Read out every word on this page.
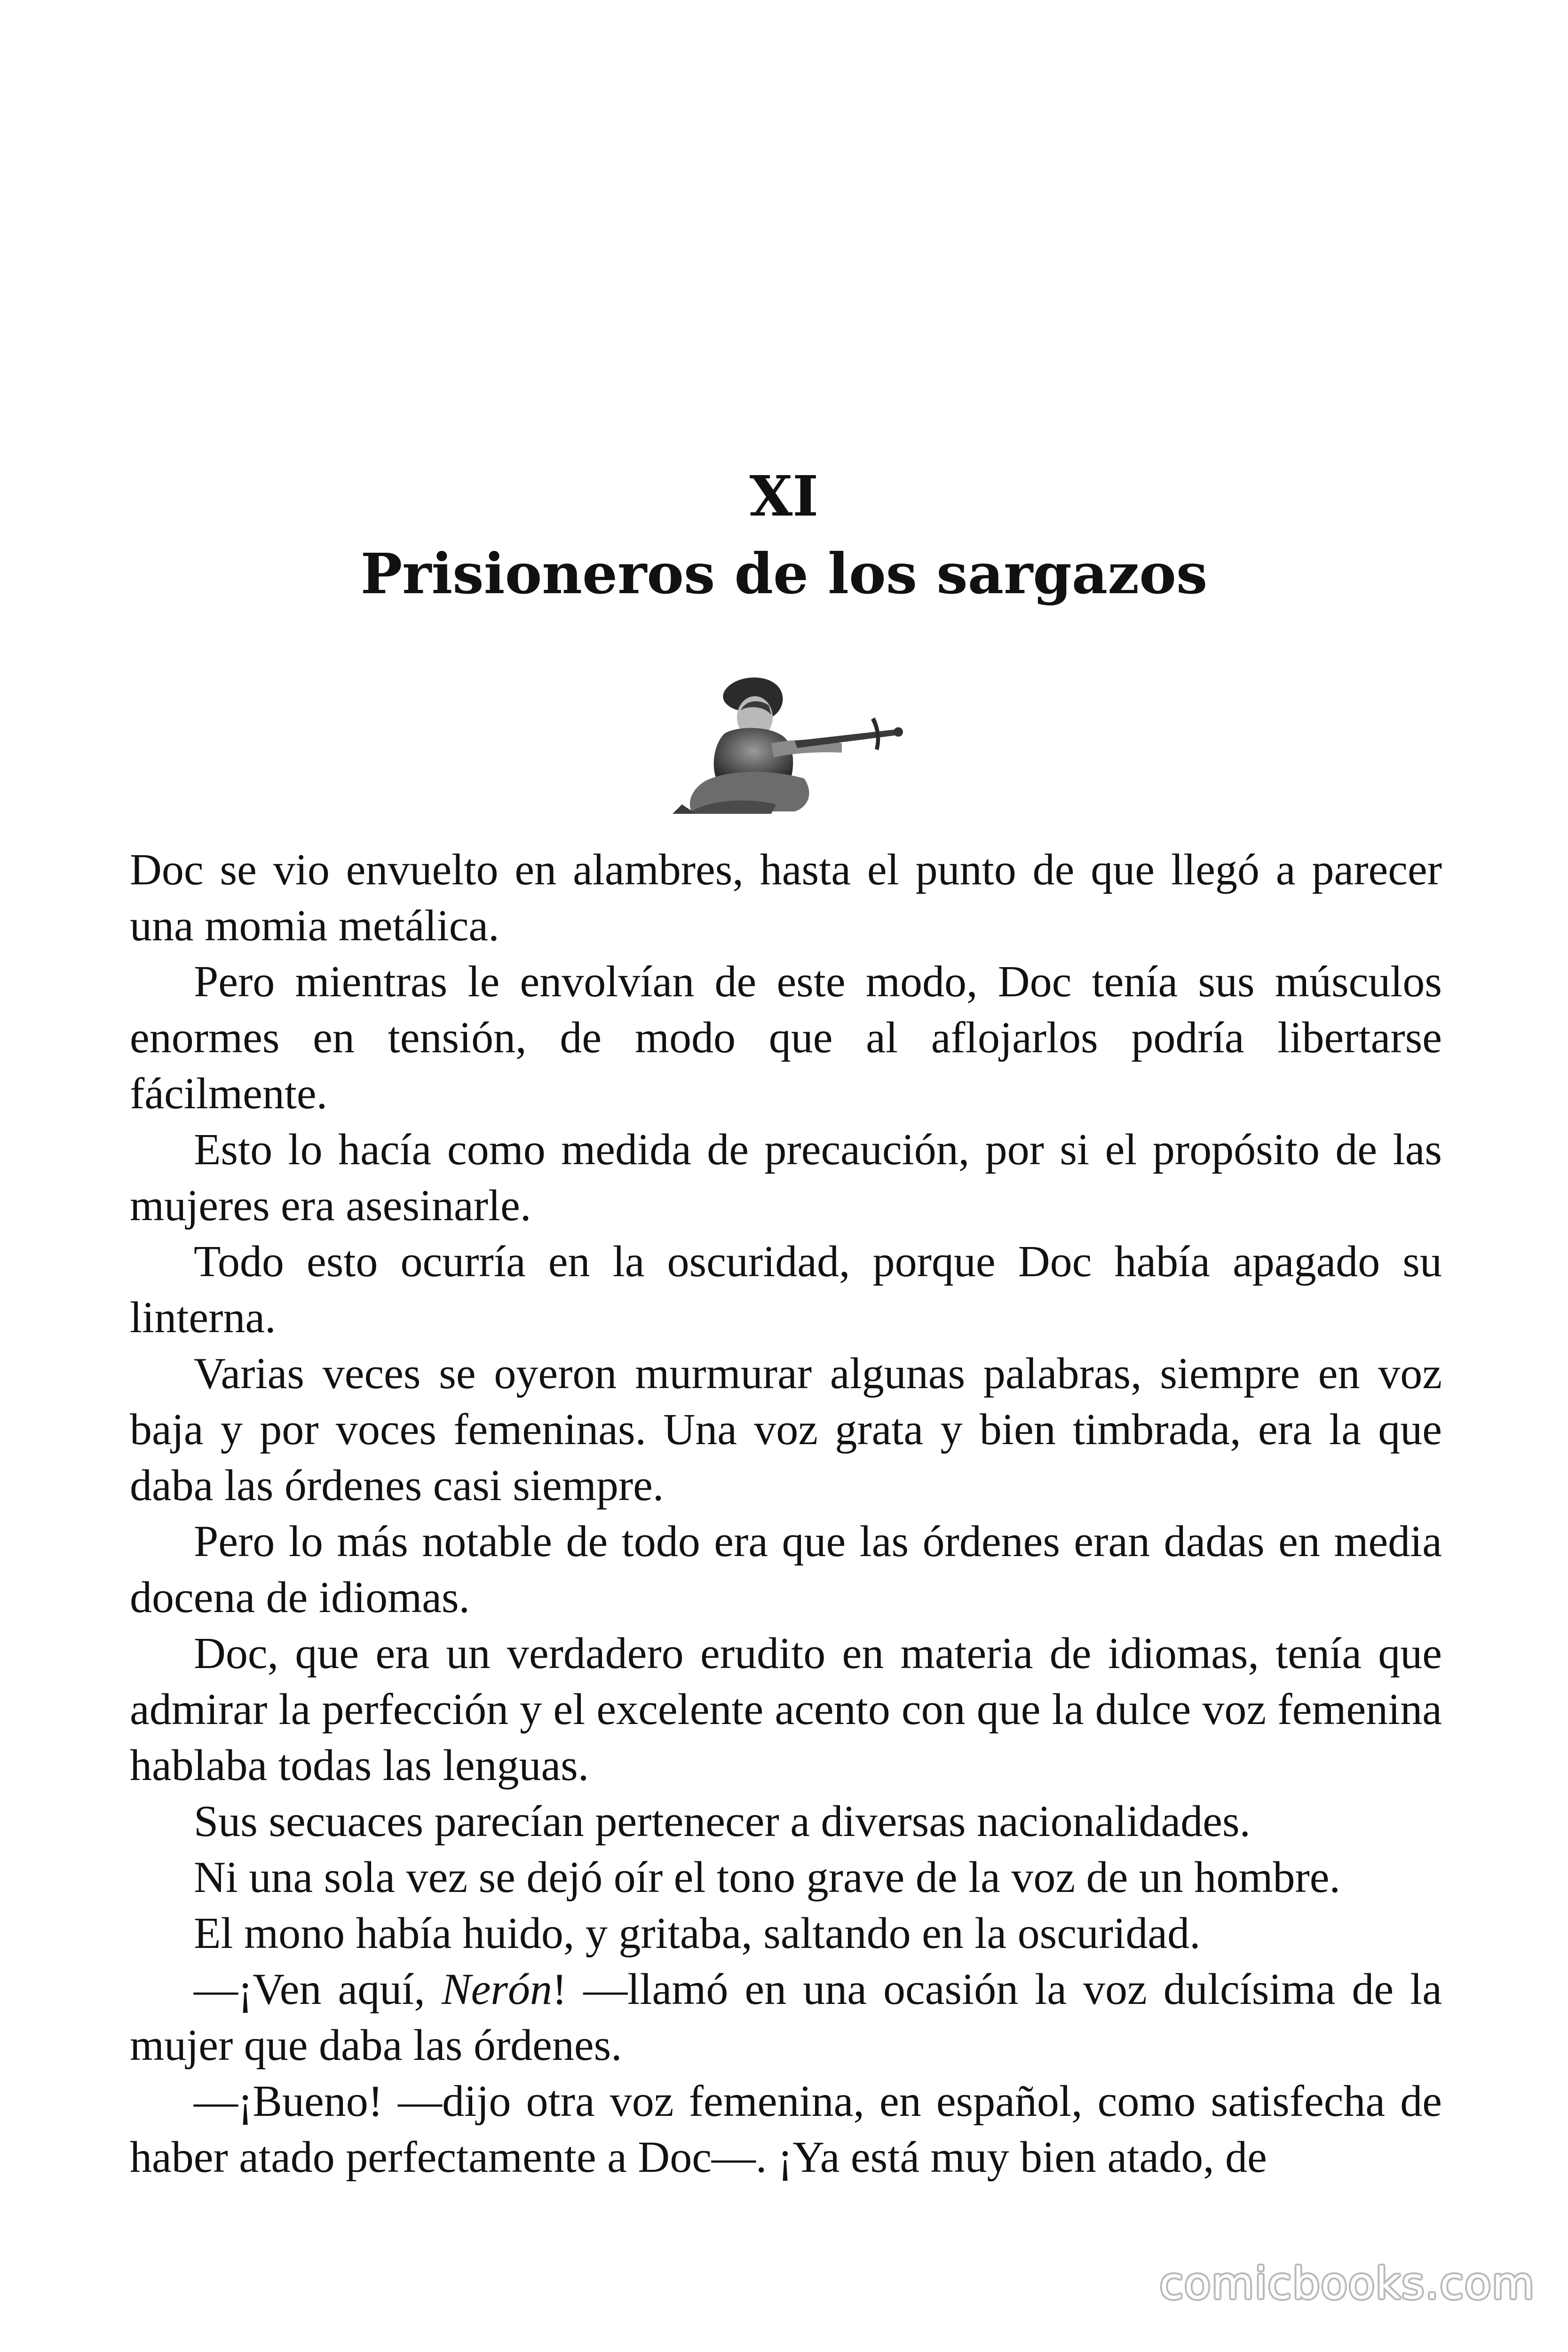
XI
Prisioneros de los sargazos

Doc se vio envuelto en alambres, hasta el punto de que llegó a parecer una momia metálica.

Pero mientras le envolvían de este modo, Doc tenía sus músculos enormes en tensión, de modo que al aflojarlos podría libertarse fácilmente.

Esto lo hacía como medida de precaución, por si el propósito de las mujeres era asesinarle.

Todo esto ocurría en la oscuridad, porque Doc había apagado su linterna.

Varias veces se oyeron murmurar algunas palabras, siempre en voz baja y por voces femeninas. Una voz grata y bien timbrada, era la que daba las órdenes casi siempre.

Pero lo más notable de todo era que las órdenes eran dadas en media docena de idiomas.

Doc, que era un verdadero erudito en materia de idiomas, tenía que admirar la perfección y el excelente acento con que la dulce voz femenina hablaba todas las lenguas.

Sus secuaces parecían pertenecer a diversas nacionalidades.

Ni una sola vez se dejó oír el tono grave de la voz de un hombre.

El mono había huido, y gritaba, saltando en la oscuridad.

—¡Ven aquí, Nerón! —llamó en una ocasión la voz dulcísima de la mujer que daba las órdenes.

—¡Bueno! —dijo otra voz femenina, en español, como satisfecha de haber atado perfectamente a Doc—. ¡Ya está muy bien atado, de

comicbooks.com
